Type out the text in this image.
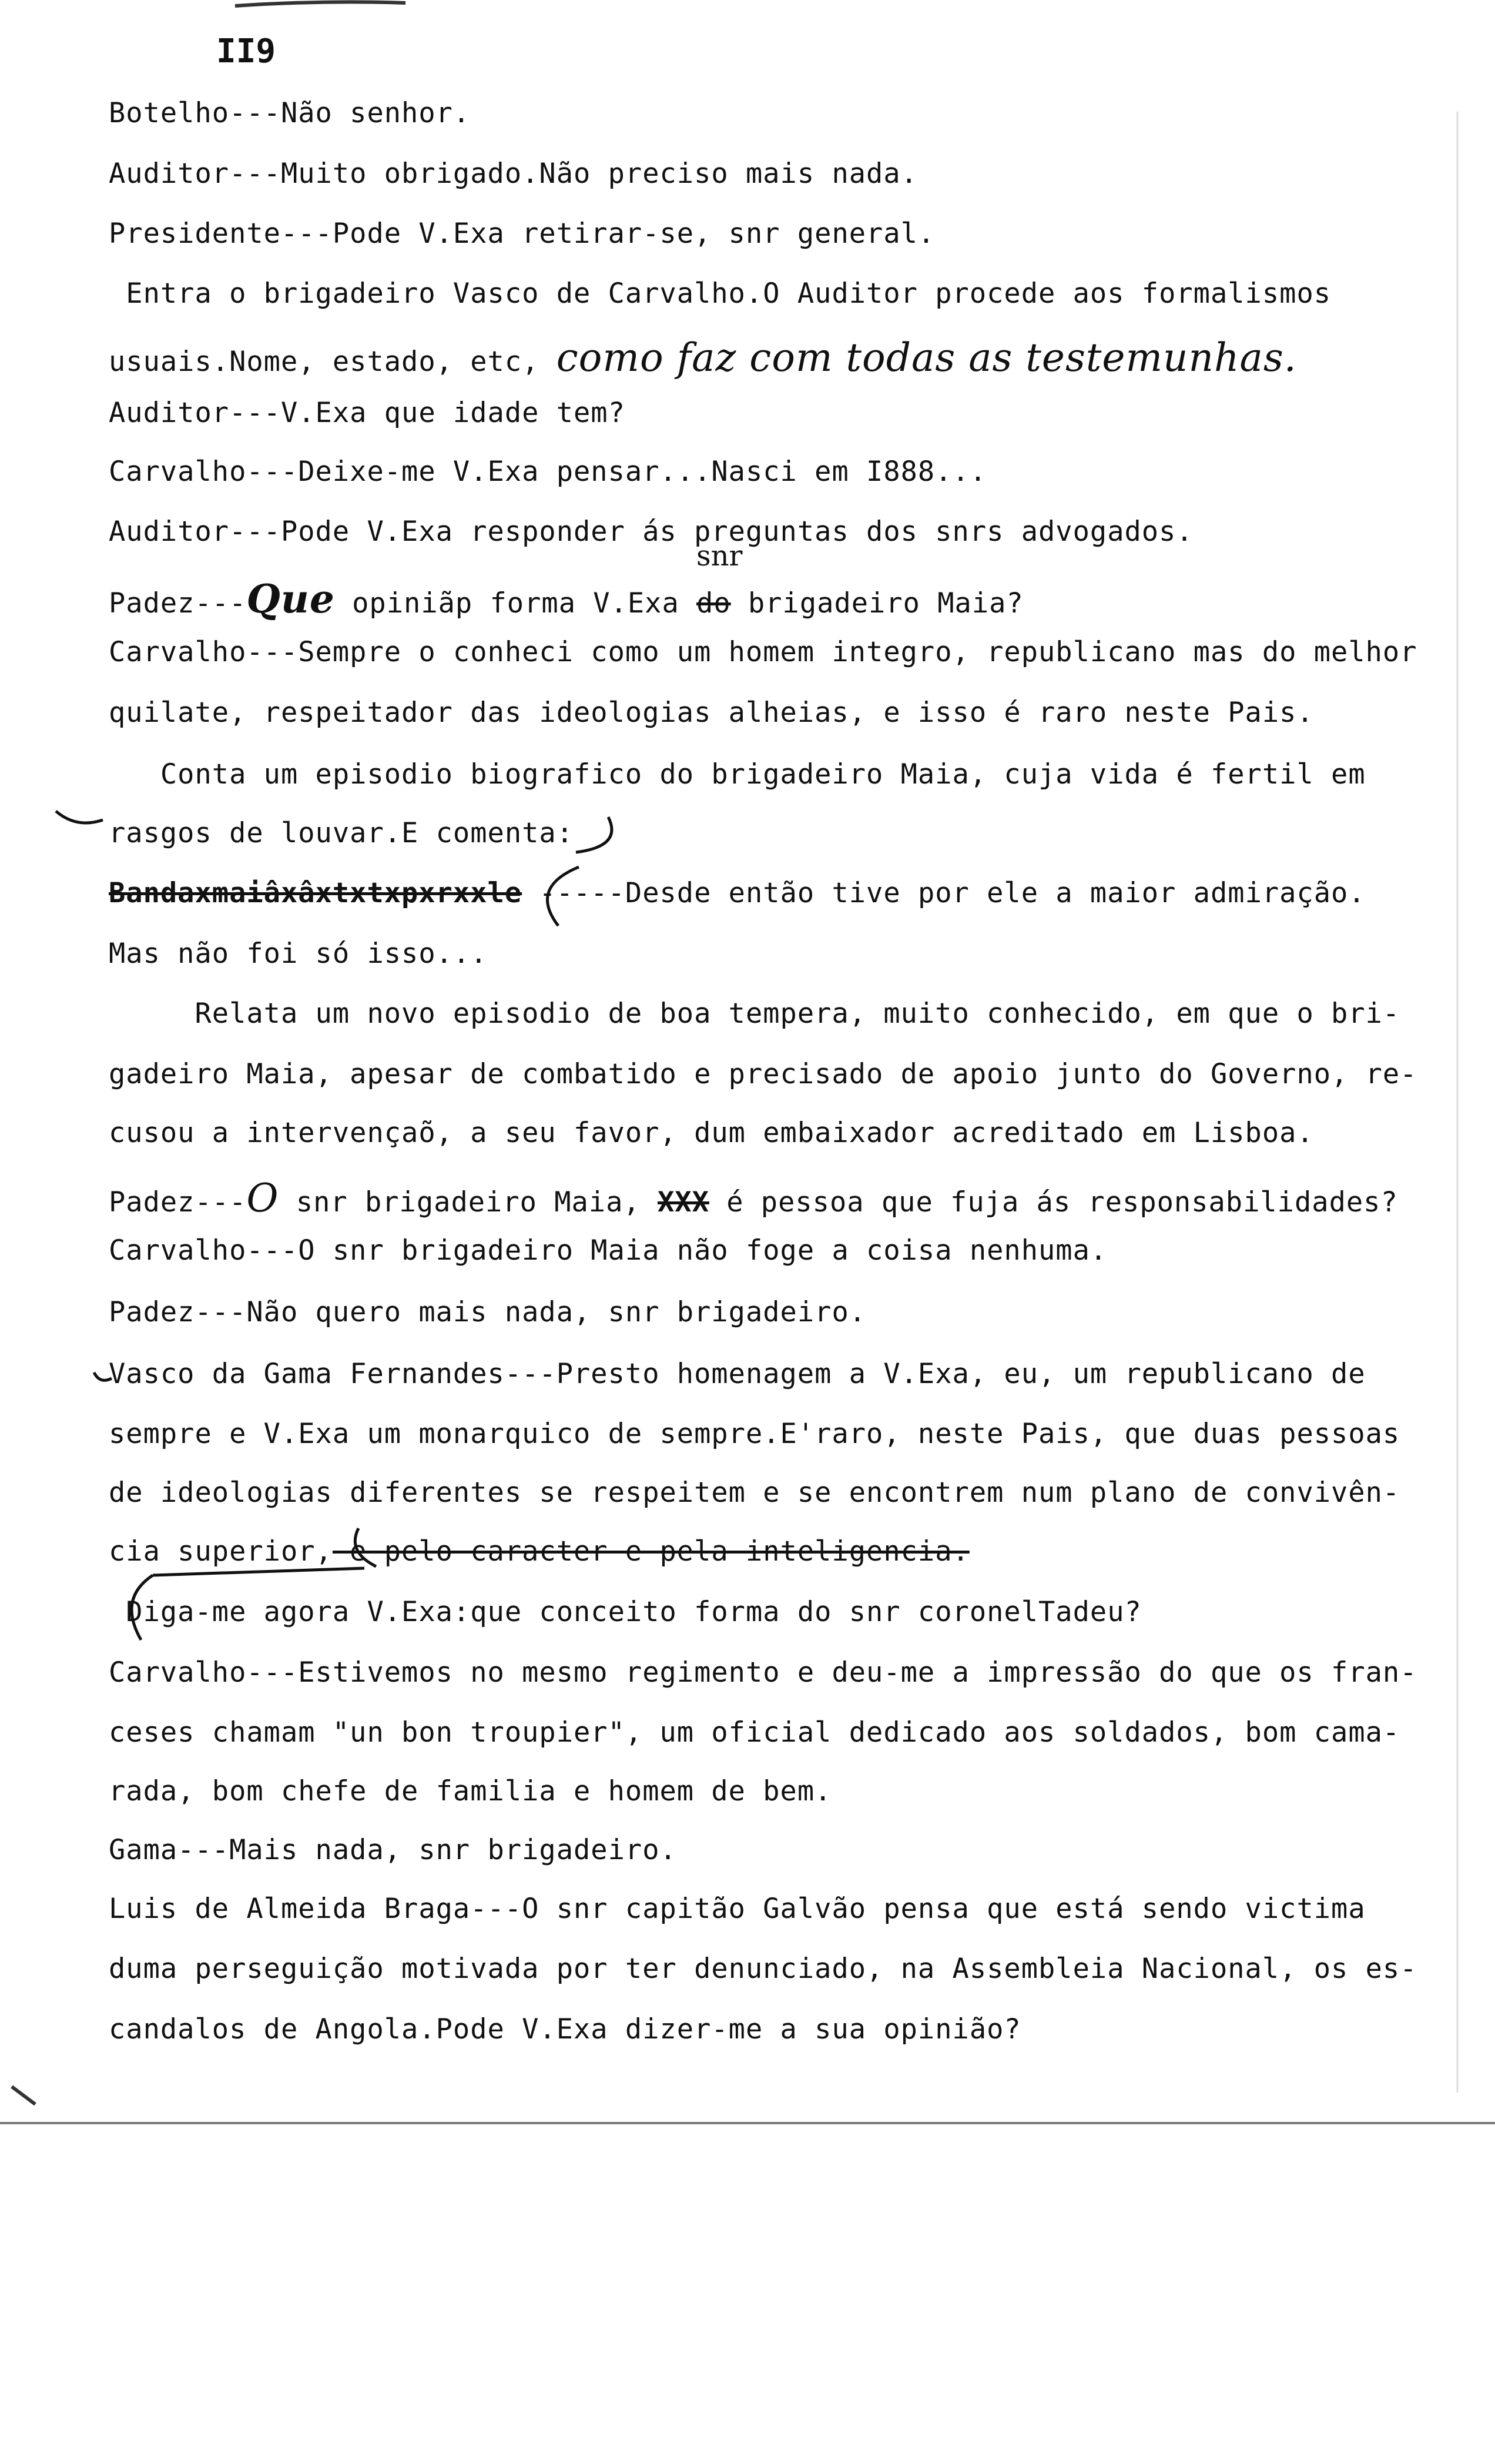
II9
Botelho---Não senhor.
Auditor---Muito obrigado.Não preciso mais nada.
Presidente---Pode V.Exa retirar-se, snr general.
Entra o brigadeiro Vasco de Carvalho.O Auditor procede aos formalismos
usuais.Nome, estado, etc, como faz com todas as testemunhas.
Auditor---V.Exa que idade tem?
Carvalho---Deixe-me V.Exa pensar...Nasci em I888...
Auditor---Pode V.Exa responder ás preguntas dos snrs advogados.
snr
Padez---Que opiniãp forma V.Exa do brigadeiro Maia?
Carvalho---Sempre o conheci como um homem integro, republicano mas do melhor
quilate, respeitador das ideologias alheias, e isso é raro neste Pais.
Conta um episodio biografico do brigadeiro Maia, cuja vida é fertil em
rasgos de louvar.E comenta:
Bandaxmaiâxâxtxtxpxrxxle -----Desde então tive por ele a maior admiração.
Mas não foi só isso...
Relata um novo episodio de boa tempera, muito conhecido, em que o bri-
gadeiro Maia, apesar de combatido e precisado de apoio junto do Governo, re-
cusou a intervençaõ, a seu favor, dum embaixador acreditado em Lisboa.
Padez---O snr brigadeiro Maia, XXX é pessoa que fuja ás responsabilidades?
Carvalho---O snr brigadeiro Maia não foge a coisa nenhuma.
Padez---Não quero mais nada, snr brigadeiro.
Vasco da Gama Fernandes---Presto homenagem a V.Exa, eu, um republicano de
sempre e V.Exa um monarquico de sempre.E'raro, neste Pais, que duas pessoas
de ideologias diferentes se respeitem e se encontrem num plano de convivên-
cia superior, e pelo caracter e pela inteligencia.
Diga-me agora V.Exa:que conceito forma do snr coronelTadeu?
Carvalho---Estivemos no mesmo regimento e deu-me a impressão do que os fran-
ceses chamam "un bon troupier", um oficial dedicado aos soldados, bom cama-
rada, bom chefe de familia e homem de bem.
Gama---Mais nada, snr brigadeiro.
Luis de Almeida Braga---O snr capitão Galvão pensa que está sendo victima
duma perseguição motivada por ter denunciado, na Assembleia Nacional, os es-
candalos de Angola.Pode V.Exa dizer-me a sua opinião?
